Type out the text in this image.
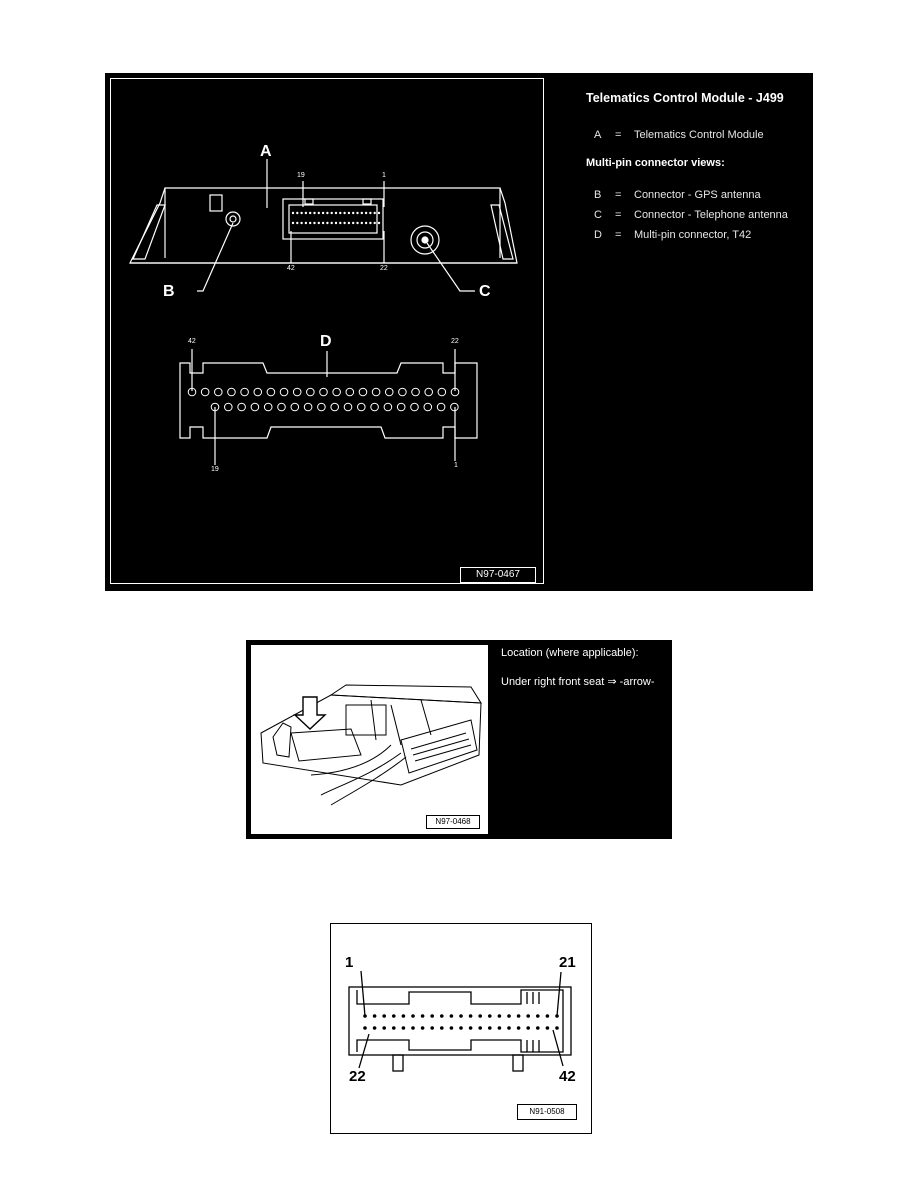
A
B	C
D
19	1
42	22
42	22
19
1
N97-0467
Telematics Control Module - J499
A = Telematics Control Module
Multi-pin connector views:
B = Connector - GPS antenna
C = Connector - Telephone antenna
D = Multi-pin connector, T42
N97-0468
Location (where applicable):
Under right front seat ⇒ -arrow-
1	21
22	42
N91-0508
